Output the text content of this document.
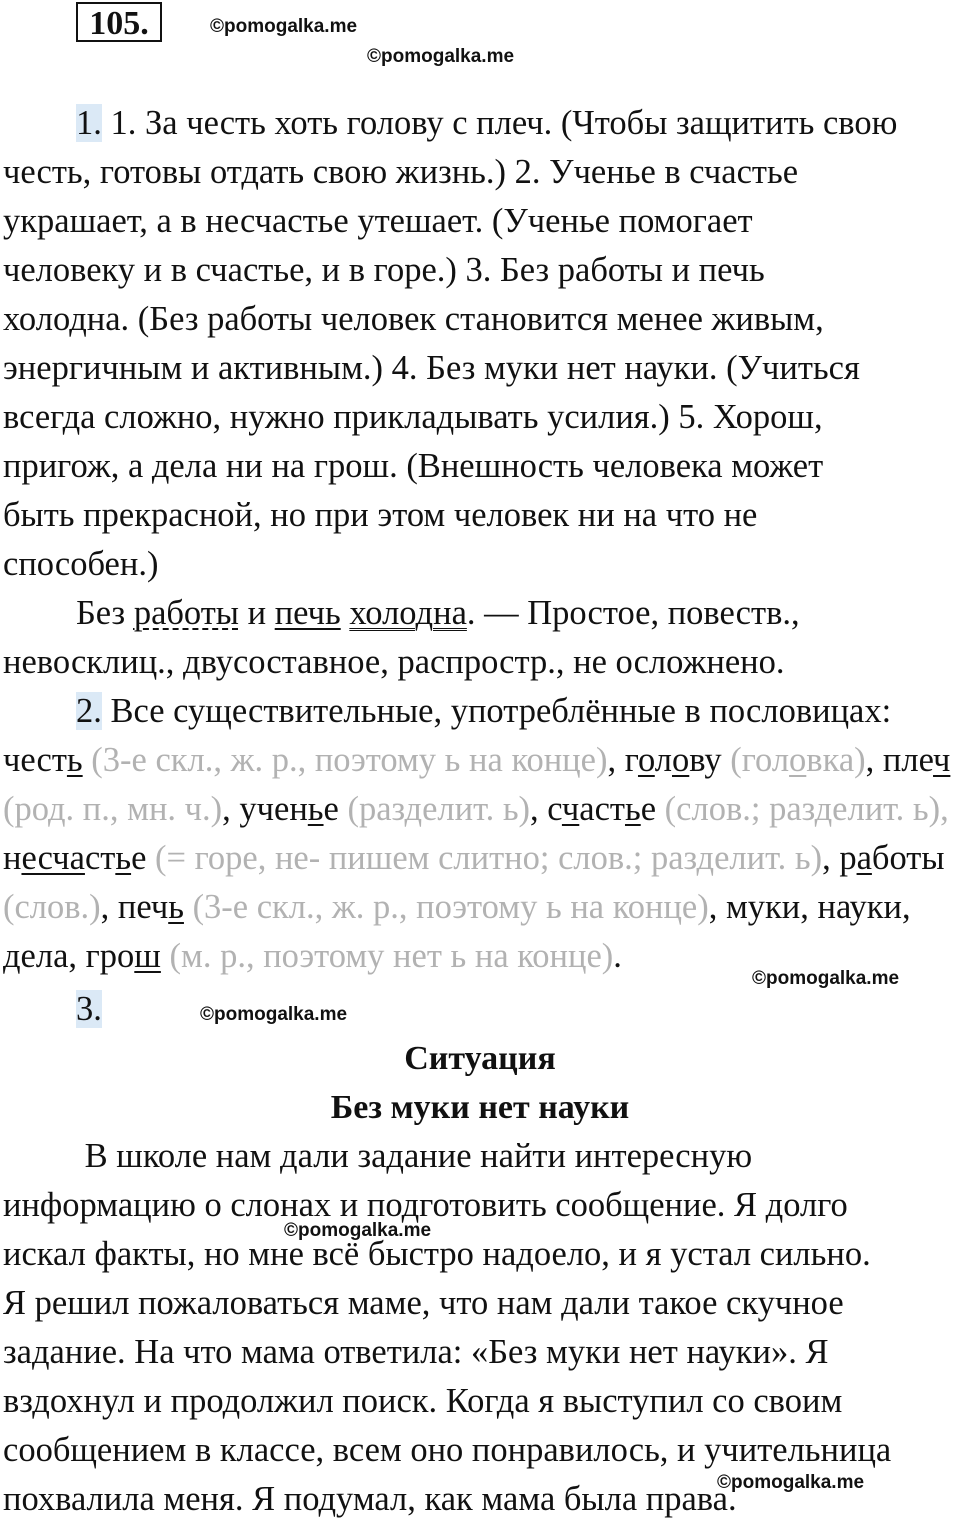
105.	©pomogalka.me
©pomogalka.me
©pomogalka.me
©pomogalka.me
1. 1. За честь хоть голову с плеч. (Чтобы защитить свою
честь, готовы отдать свою жизнь.) 2. Ученье в счастье
украшает, а в несчастье утешает. (Ученье помогает
человеку и в счастье, и в горе.) 3. Без работы и печь
холодна. (Без работы человек становится менее живым,
энергичным и активным.) 4. Без муки нет науки. (Учиться
всегда сложно, нужно прикладывать усилия.) 5. Хорош,
пригож, а дела ни на грош. (Внешность человека может
быть прекрасной, но при этом человек ни на что не
способен.)
Без работы и печь холодна. — Простое, повеств.,
невосклиц., двусоставное, распростр., не осложнено.
2. Все существительные, употреблённые в пословицах:
честь (3-е скл., ж. р., поэтому ь на конце), голову (головка), плеч
(род. п., мн. ч.), ученье (разделит. ь), счастье (слов.; разделит. ь),
несчастье (= горе, не- пишем слитно; слов.; разделит. ь), работы
(слов.), печь (3-е скл., ж. р., поэтому ь на конце), муки, науки,
дела, грош (м. р., поэтому нет ь на конце).
3.
Ситуация
Без муки нет науки
В школе нам дали задание найти интересную
информацию о слонах и подготовить сообщение. Я долго
искал факты, но мне всё быстро надоело, и я устал сильно.
Я решил пожаловаться маме, что нам дали такое скучное
задание. На что мама ответила: «Без муки нет науки». Я
вздохнул и продолжил поиск. Когда я выступил со своим
сообщением в классе, всем оно понравилось, и учительница
похвалила меня. Я подумал, как мама была права.
©pomogalka.me
©pomogalka.me
